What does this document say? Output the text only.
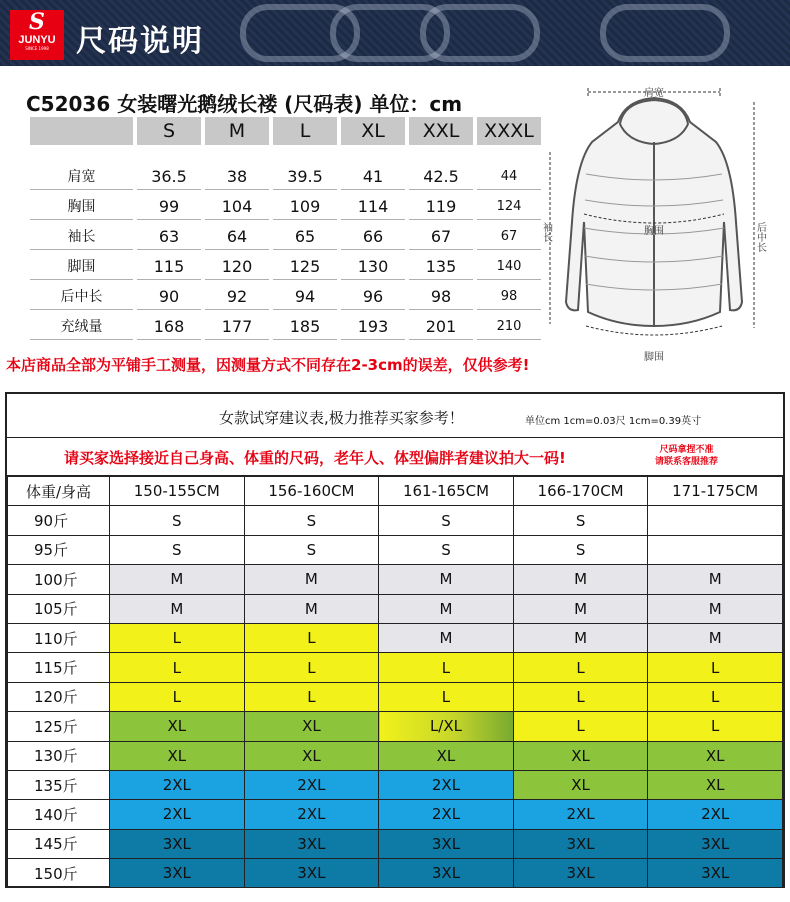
S
JUNYU
SINCE 1998 尺码说明
C52036 女装曙光鹅绒长褛 (尺码表) 单位：cm
	S	M	L	XL	XXL	XXXL

肩宽	36.5	38	39.5	41	42.5	44
胸围	99	104	109	114	119	124
袖长	63	64	65	66	67	67
脚围	115	120	125	130	135	140
后中长	90	92	94	96	98	98
充绒量	168	177	185	193	201	210
本店商品全部为平铺手工测量，因测量方式不同存在2-3cm的误差，仅供参考!
肩宽
胸围
脚围
袖长	后中长
女款试穿建议表,极力推荐买家参考！	单位cm 1cm=0.03尺 1cm=0.39英寸
请买家选择接近自己身高、体重的尺码，老年人、体型偏胖者建议拍大一码!	尺码拿捏不准
请联系客服推荐
体重/身高	150-155CM	156-160CM	161-165CM	166-170CM	171-175CM
90斤	S	S	S	S	
95斤	S	S	S	S	
100斤	M	M	M	M	M
105斤	M	M	M	M	M
110斤	L	L	M	M	M
115斤	L	L	L	L	L
120斤	L	L	L	L	L
125斤	XL	XL	L/XL	L	L
130斤	XL	XL	XL	XL	XL
135斤	2XL	2XL	2XL	XL	XL
140斤	2XL	2XL	2XL	2XL	2XL
145斤	3XL	3XL	3XL	3XL	3XL
150斤	3XL	3XL	3XL	3XL	3XL
